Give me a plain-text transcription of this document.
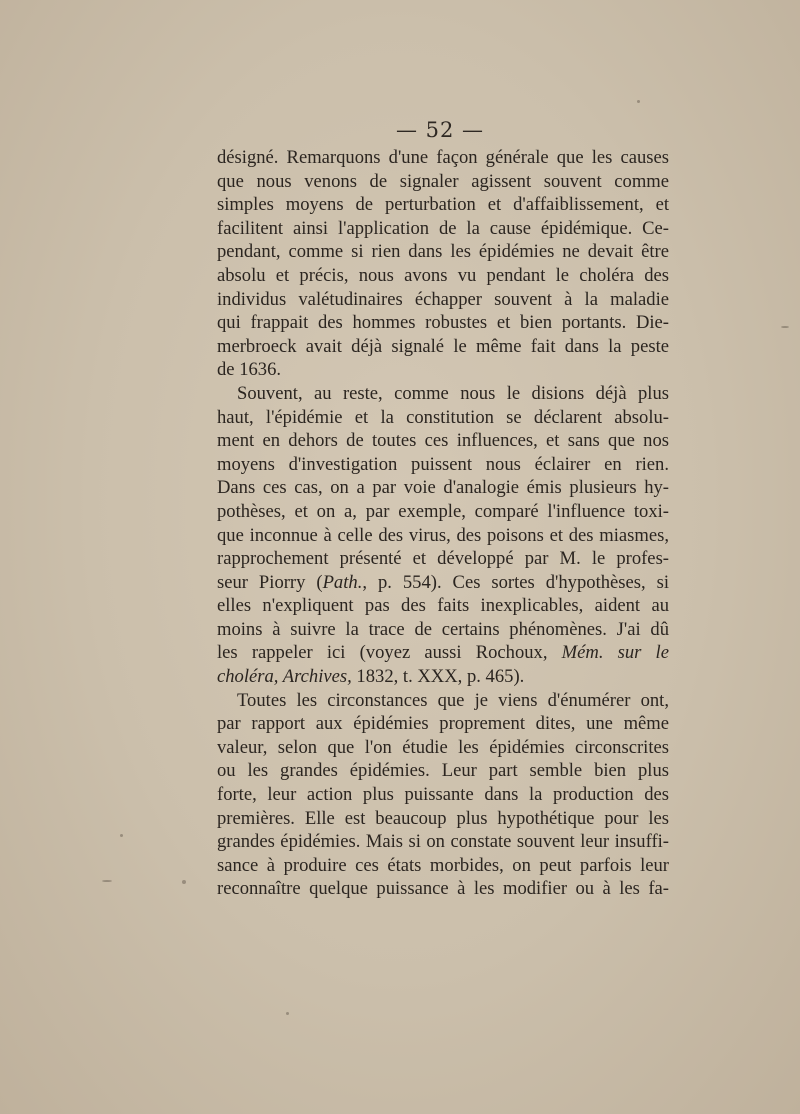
— 52 —
désigné. Remarquons d'une façon générale que les causes
que nous venons de signaler agissent souvent comme
simples moyens de perturbation et d'affaiblissement, et
facilitent ainsi l'application de la cause épidémique. Ce-
pendant, comme si rien dans les épidémies ne devait être
absolu et précis, nous avons vu pendant le choléra des
individus valétudinaires échapper souvent à la maladie
qui frappait des hommes robustes et bien portants. Die-
merbroeck avait déjà signalé le même fait dans la peste
de 1636.
Souvent, au reste, comme nous le disions déjà plus
haut, l'épidémie et la constitution se déclarent absolu-
ment en dehors de toutes ces influences, et sans que nos
moyens d'investigation puissent nous éclairer en rien.
Dans ces cas, on a par voie d'analogie émis plusieurs hy-
pothèses, et on a, par exemple, comparé l'influence toxi-
que inconnue à celle des virus, des poisons et des miasmes,
rapprochement présenté et développé par M. le profes-
seur Piorry (Path., p. 554). Ces sortes d'hypothèses, si
elles n'expliquent pas des faits inexplicables, aident au
moins à suivre la trace de certains phénomènes. J'ai dû
les rappeler ici (voyez aussi Rochoux, Mém. sur le
choléra, Archives, 1832, t. XXX, p. 465).
Toutes les circonstances que je viens d'énumérer ont,
par rapport aux épidémies proprement dites, une même
valeur, selon que l'on étudie les épidémies circonscrites
ou les grandes épidémies. Leur part semble bien plus
forte, leur action plus puissante dans la production des
premières. Elle est beaucoup plus hypothétique pour les
grandes épidémies. Mais si on constate souvent leur insuffi-
sance à produire ces états morbides, on peut parfois leur
reconnaître quelque puissance à les modifier ou à les fa-
